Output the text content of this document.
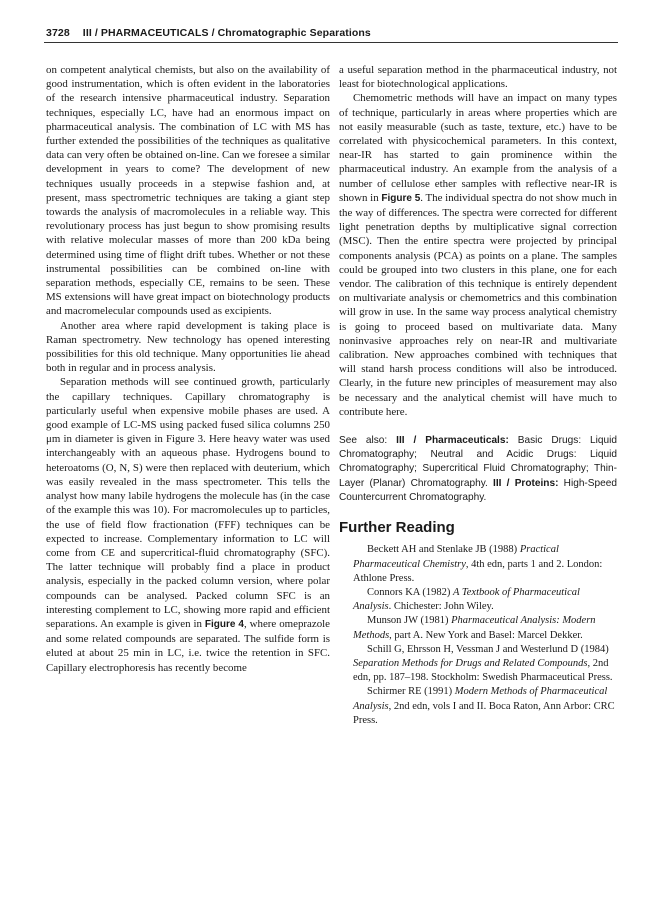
3728 III / PHARMACEUTICALS / Chromatographic Separations

on competent analytical chemists, but also on the availability of good instrumentation, which is often evident in the laboratories of the research intensive pharmaceutical industry. Separation techniques, especially LC, have had an enormous impact on pharmaceutical analysis. The combination of LC with MS has further extended the possibilities of the techniques as qualitative data can very often be obtained on-line. Can we foresee a similar development in years to come? The development of new techniques usually proceeds in a stepwise fashion and, at present, mass spectrometric techniques are taking a giant step towards the analysis of macromolecules in a reliable way. This revolutionary process has just begun to show promising results with relative molecular masses of more than 200 kDa being determined using time of flight drift tubes. Whether or not these instrumental possibilities can be combined on-line with separation methods, especially CE, remains to be seen. These MS extensions will have great impact on biotechnology products and macromelecular compounds used as excipients.

Another area where rapid development is taking place is Raman spectrometry. New technology has opened interesting possibilities for this old technique. Many opportunities lie ahead both in regular and in process analysis.

Separation methods will see continued growth, particularly the capillary techniques. Capillary chromatography is particularly useful when expensive mobile phases are used. A good example of LC-MS using packed fused silica columns 250 μm in diameter is given in Figure 3. Here heavy water was used interchangeably with an aqueous phase. Hydrogens bound to heteroatoms (O, N, S) were then replaced with deuterium, which was easily revealed in the mass spectrometer. This tells the analyst how many labile hydrogens the molecule has (in the case of the example this was 10). For macromolecules up to particles, the use of field flow fractionation (FFF) techniques can be expected to increase. Complementary information to LC will come from CE and supercritical-fluid chromatography (SFC). The latter technique will probably find a place in product analysis, especially in the packed column version, where polar compounds can be analysed. Packed column SFC is an interesting complement to LC, showing more rapid and efficient separations. An example is given in Figure 4, where omeprazole and some related compounds are separated. The sulfide form is eluted at about 25 min in LC, i.e. twice the retention in SFC. Capillary electrophoresis has recently become

a useful separation method in the pharmaceutical industry, not least for biotechnological applications.

Chemometric methods will have an impact on many types of technique, particularly in areas where properties which are not easily measurable (such as taste, texture, etc.) have to be correlated with physicochemical parameters. In this context, near-IR has started to gain prominence within the pharmaceutical industry. An example from the analysis of a number of cellulose ether samples with reflective near-IR is shown in Figure 5. The individual spectra do not show much in the way of differences. The spectra were corrected for different light penetration depths by multiplicative signal correction (MSC). Then the entire spectra were projected by principal components analysis (PCA) as points on a plane. The samples could be grouped into two clusters in this plane, one for each vendor. The calibration of this technique is entirely dependent on multivariate analysis or chemometrics and this combination will grow in use. In the same way process analytical chemistry is going to proceed based on multivariate data. Many noninvasive approaches rely on near-IR and multivariate calibration. New approaches combined with techniques that will stand harsh process conditions will also be introduced. Clearly, in the future new principles of measurement may also be necessary and the analytical chemist will have much to contribute here.

See also: III / Pharmaceuticals: Basic Drugs: Liquid Chromatography; Neutral and Acidic Drugs: Liquid Chromatography; Supercritical Fluid Chromatography; Thin-Layer (Planar) Chromatography. III / Proteins: High-Speed Countercurrent Chromatography.

Further Reading

Beckett AH and Stenlake JB (1988) Practical Pharmaceutical Chemistry, 4th edn, parts 1 and 2. London: Athlone Press.

Connors KA (1982) A Textbook of Pharmaceutical Analysis. Chichester: John Wiley.

Munson JW (1981) Pharmaceutical Analysis: Modern Methods, part A. New York and Basel: Marcel Dekker.

Schill G, Ehrsson H, Vessman J and Westerlund D (1984) Separation Methods for Drugs and Related Compounds, 2nd edn, pp. 187–198. Stockholm: Swedish Pharmaceutical Press.

Schirmer RE (1991) Modern Methods of Pharmaceutical Analysis, 2nd edn, vols I and II. Boca Raton, Ann Arbor: CRC Press.
